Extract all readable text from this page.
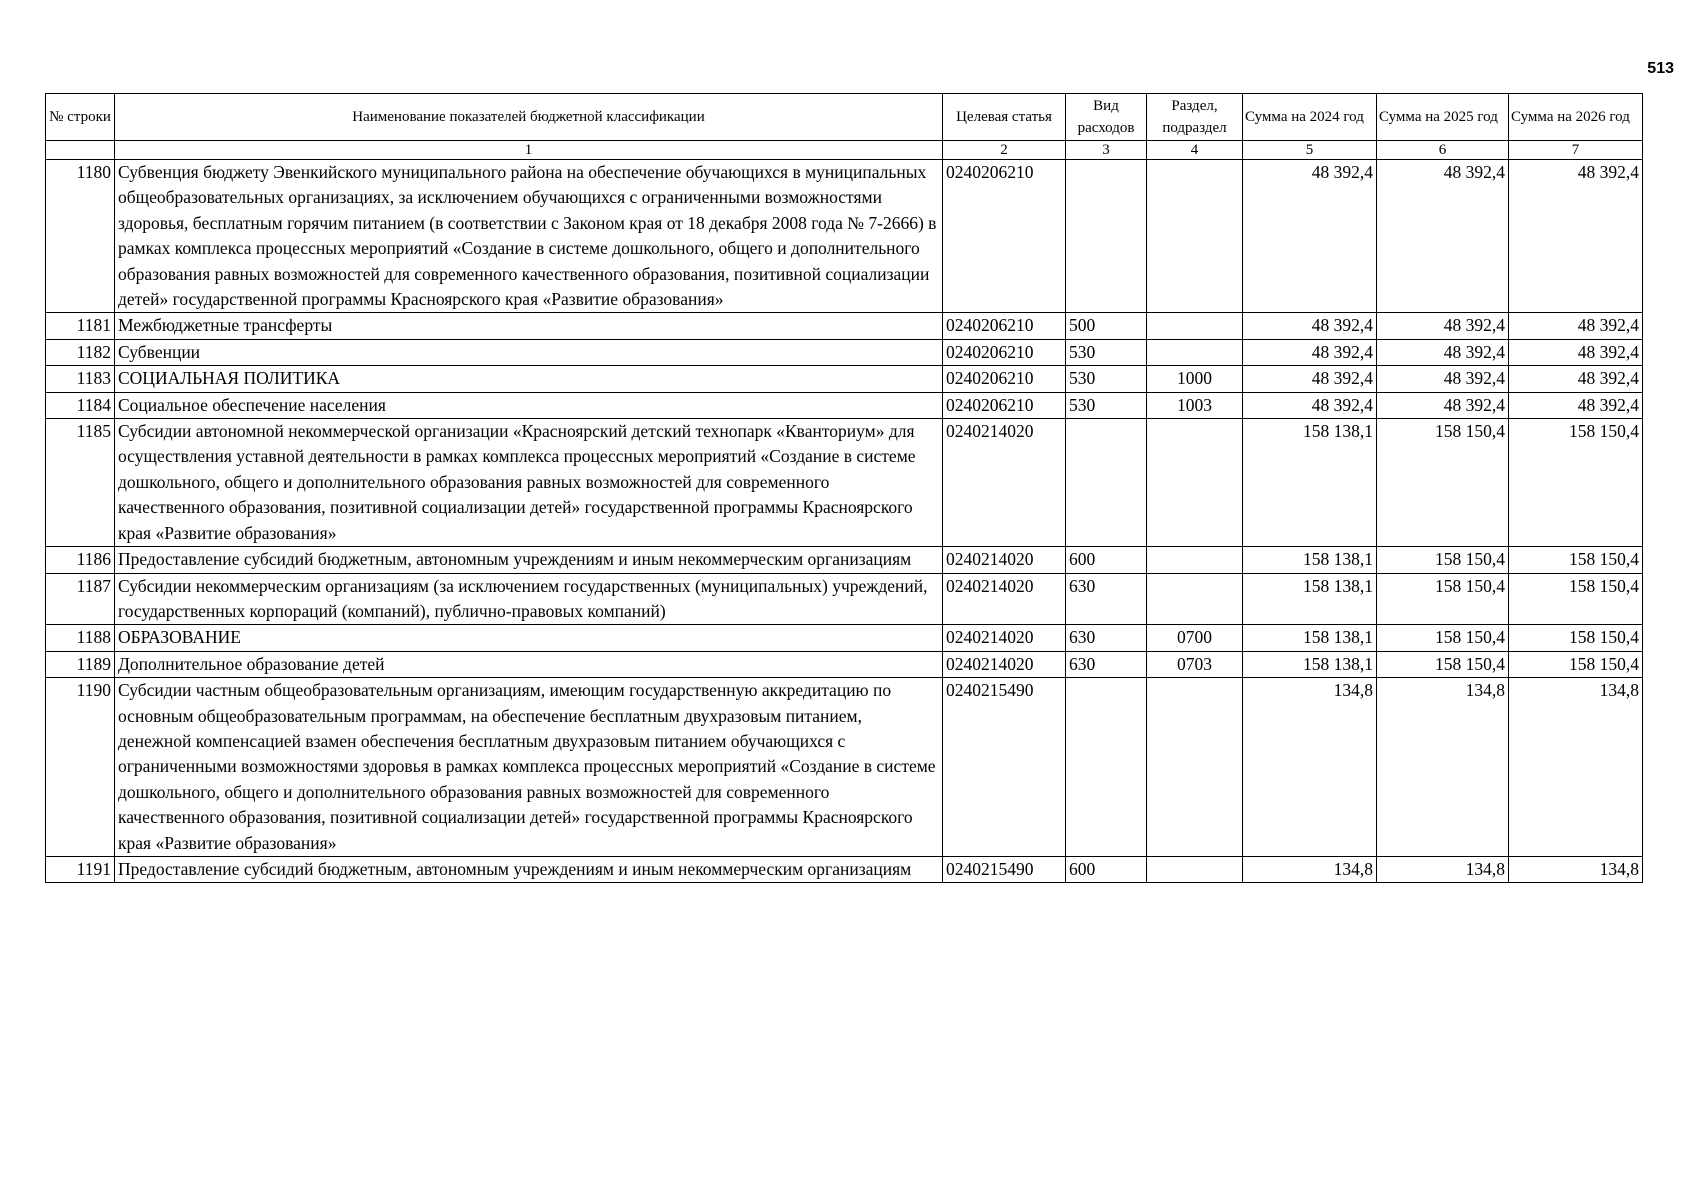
513
№ строки	Наименование показателей бюджетной классификации	Целевая статья	Вид расходов	Раздел, подраздел	Сумма на 2024 год	Сумма на 2025 год	Сумма на 2026 год
	1	2	3	4	5	6	7
1180	Субвенция бюджету Эвенкийского муниципального района на обеспечение обучающихся в муниципальных общеобразовательных организациях, за исключением обучающихся с ограниченными возможностями здоровья, бесплатным горячим питанием (в соответствии с Законом края от 18 декабря 2008 года № 7-2666) в рамках комплекса процессных мероприятий «Создание в системе дошкольного, общего и дополнительного образования равных возможностей для современного качественного образования, позитивной социализации детей» государственной программы Красноярского края «Развитие образования»	0240206210			48 392,4	48 392,4	48 392,4
1181	Межбюджетные трансферты	0240206210	500		48 392,4	48 392,4	48 392,4
1182	Субвенции	0240206210	530		48 392,4	48 392,4	48 392,4
1183	СОЦИАЛЬНАЯ ПОЛИТИКА	0240206210	530	1000	48 392,4	48 392,4	48 392,4
1184	Социальное обеспечение населения	0240206210	530	1003	48 392,4	48 392,4	48 392,4
1185	Субсидии автономной некоммерческой организации «Красноярский детский технопарк «Кванториум» для осуществления уставной деятельности в рамках комплекса процессных мероприятий «Создание в системе дошкольного, общего и дополнительного образования равных возможностей для современного качественного образования, позитивной социализации детей» государственной программы Красноярского края «Развитие образования»	0240214020			158 138,1	158 150,4	158 150,4
1186	Предоставление субсидий бюджетным, автономным учреждениям и иным некоммерческим организациям	0240214020	600		158 138,1	158 150,4	158 150,4
1187	Субсидии некоммерческим организациям (за исключением государственных (муниципальных) учреждений, государственных корпораций (компаний), публично-правовых компаний)	0240214020	630		158 138,1	158 150,4	158 150,4
1188	ОБРАЗОВАНИЕ	0240214020	630	0700	158 138,1	158 150,4	158 150,4
1189	Дополнительное образование детей	0240214020	630	0703	158 138,1	158 150,4	158 150,4
1190	Субсидии частным общеобразовательным организациям, имеющим государственную аккредитацию по основным общеобразовательным программам, на обеспечение бесплатным двухразовым питанием, денежной компенсацией взамен обеспечения бесплатным двухразовым питанием обучающихся с ограниченными возможностями здоровья в рамках комплекса процессных мероприятий «Создание в системе дошкольного, общего и дополнительного образования равных возможностей для современного качественного образования, позитивной социализации детей» государственной программы Красноярского края «Развитие образования»	0240215490			134,8	134,8	134,8
1191	Предоставление субсидий бюджетным, автономным учреждениям и иным некоммерческим организациям	0240215490	600		134,8	134,8	134,8
